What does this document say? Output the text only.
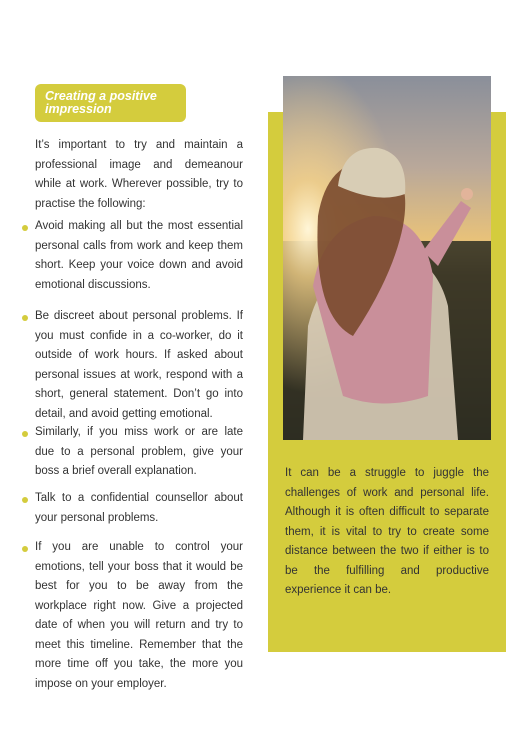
Creating a positive impression

It’s important to try and maintain a professional image and demeanour while at work. Wherever possible, try to practise the following:

Avoid making all but the most essential personal calls from work and keep them short. Keep your voice down and avoid emotional discussions.

Be discreet about personal problems. If you must confide in a co-worker, do it outside of work hours. If asked about personal issues at work, respond with a short, general statement. Don’t go into detail, and avoid getting emotional.

Similarly, if you miss work or are late due to a personal problem, give your boss a brief overall explanation.

Talk to a confidential counsellor about your personal problems.

If you are unable to control your emotions, tell your boss that it would be best for you to be away from the workplace right now. Give a projected date of when you will return and try to meet this timeline. Remember that the more time off you take, the more you impose on your employer.

It can be a struggle to juggle the challenges of work and personal life. Although it is often difficult to separate them, it is vital to try to create some distance between the two if either is to be the fulfilling and productive experience it can be.
